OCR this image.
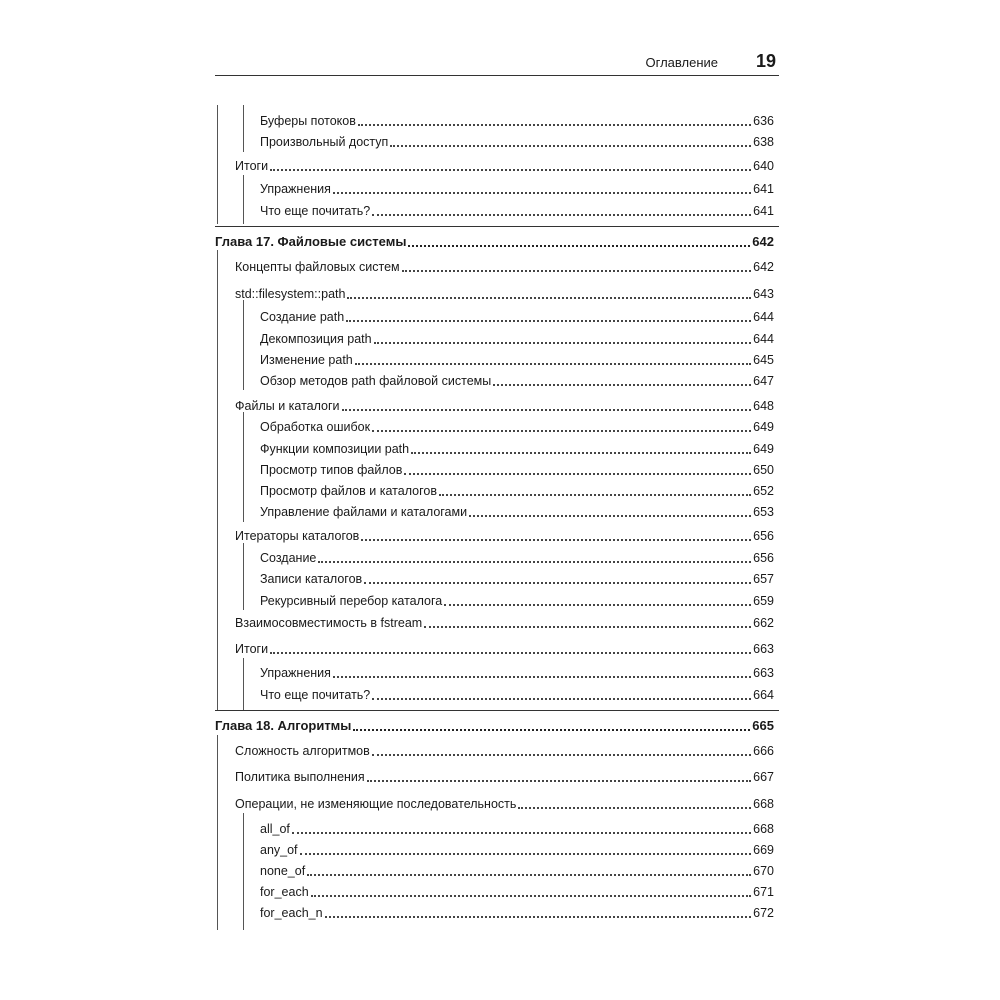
Оглавление 19
Буферы потоков	636
Произвольный доступ	638
Итоги	640
Упражнения	641
Что еще почитать?	641
Глава 17. Файловые системы	642
Концепты файловых систем	642
std::filesystem::path	643
Создание path	644
Декомпозиция path	644
Изменение path	645
Обзор методов path файловой системы	647
Файлы и каталоги	648
Обработка ошибок	649
Функции композиции path	649
Просмотр типов файлов	650
Просмотр файлов и каталогов	652
Управление файлами и каталогами	653
Итераторы каталогов	656
Создание	656
Записи каталогов	657
Рекурсивный перебор каталога	659
Взаимосовместимость в fstream	662
Итоги	663
Упражнения	663
Что еще почитать?	664
Глава 18. Алгоритмы	665
Сложность алгоритмов	666
Политика выполнения	667
Операции, не изменяющие последовательность	668
all_of	668
any_of	669
none_of	670
for_each	671
for_each_n	672
